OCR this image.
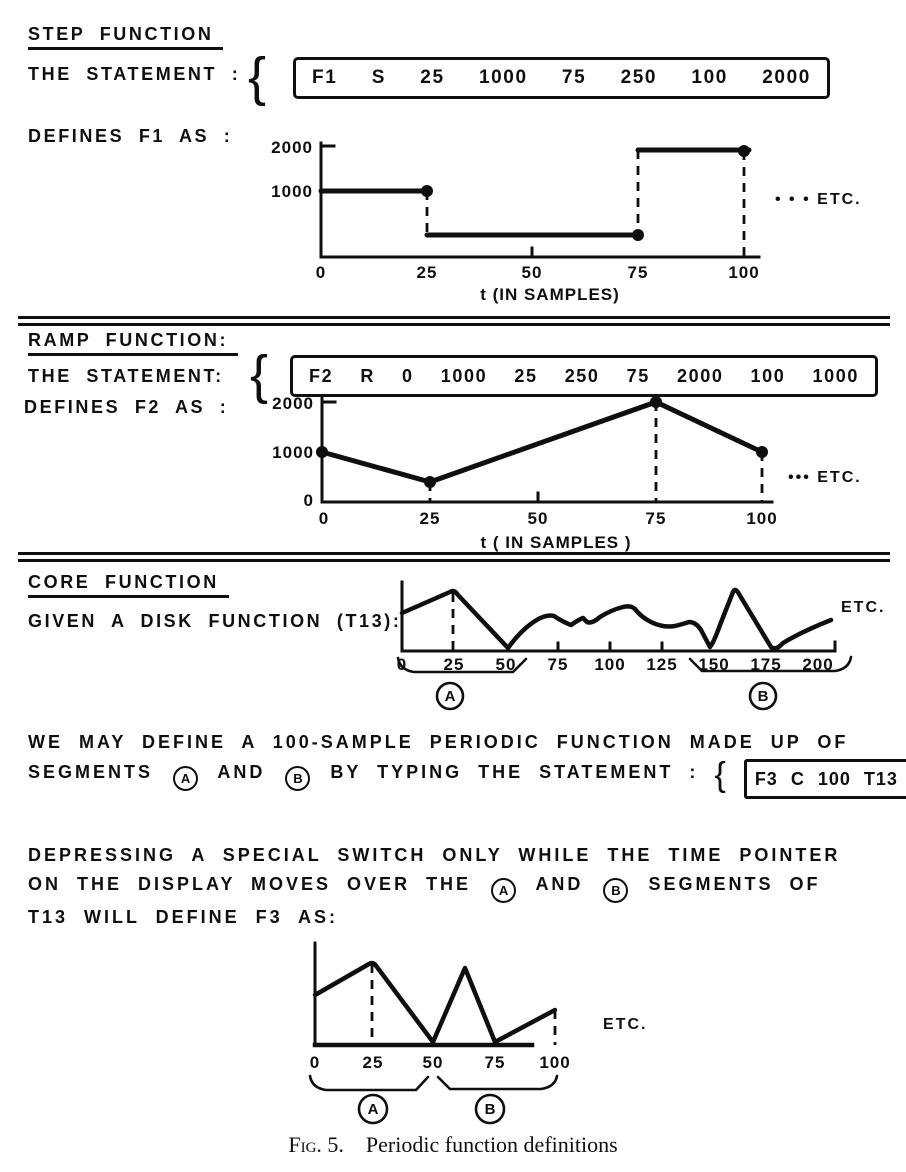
STEP FUNCTION
THE STATEMENT : { F1 S 25 1000 75 250 100 2000
DEFINES F1 AS :
2000
1000
0	25	50	75	100
• • • ETC.
t (IN SAMPLES)
RAMP FUNCTION:
THE STATEMENT: { F2 R 0 1000 25 250 75 2000 100 1000
DEFINES F2 AS :	2000
1000
0
0	25	50	75	100
••• ETC.
t ( IN SAMPLES )
CORE FUNCTION
GIVEN A DISK FUNCTION (T13):
0 25 50 75 100 125 150 175 200
ETC.
A	B
WE MAY DEFINE A 100-SAMPLE PERIODIC FUNCTION MADE UP OF
SEGMENTS A AND B BY TYPING THE STATEMENT : { F3 C 100 T13
DEPRESSING A SPECIAL SWITCH ONLY WHILE THE TIME POINTER
ON THE DISPLAY MOVES OVER THE A AND B SEGMENTS OF
T13 WILL DEFINE F3 AS:
0 25 50 75 100
ETC.
A	B
Fig. 5. Periodic function definitions
